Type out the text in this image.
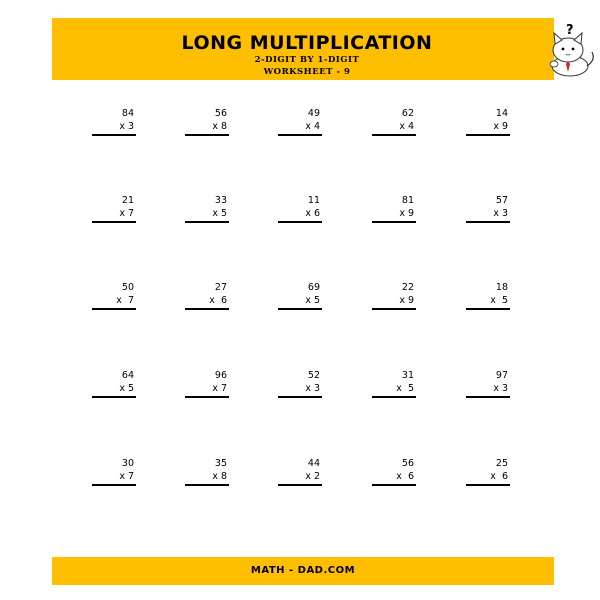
LONG MULTIPLICATION
2-DIGIT BY 1-DIGIT
WORKSHEET - 9
?
84
x 3
56
x 8
49
x 4
62
x 4
14
x 9
21
x 7
33
x 5
11
x 6
81
x 9
57
x 3
50
x  7
27
x  6
69
x 5
22
x 9
18
x  5
64
x 5
96
x 7
52
x 3
31
x  5
97
x 3
30
x 7
35
x 8
44
x 2
56
x  6
25
x  6
MATH - DAD.COM
